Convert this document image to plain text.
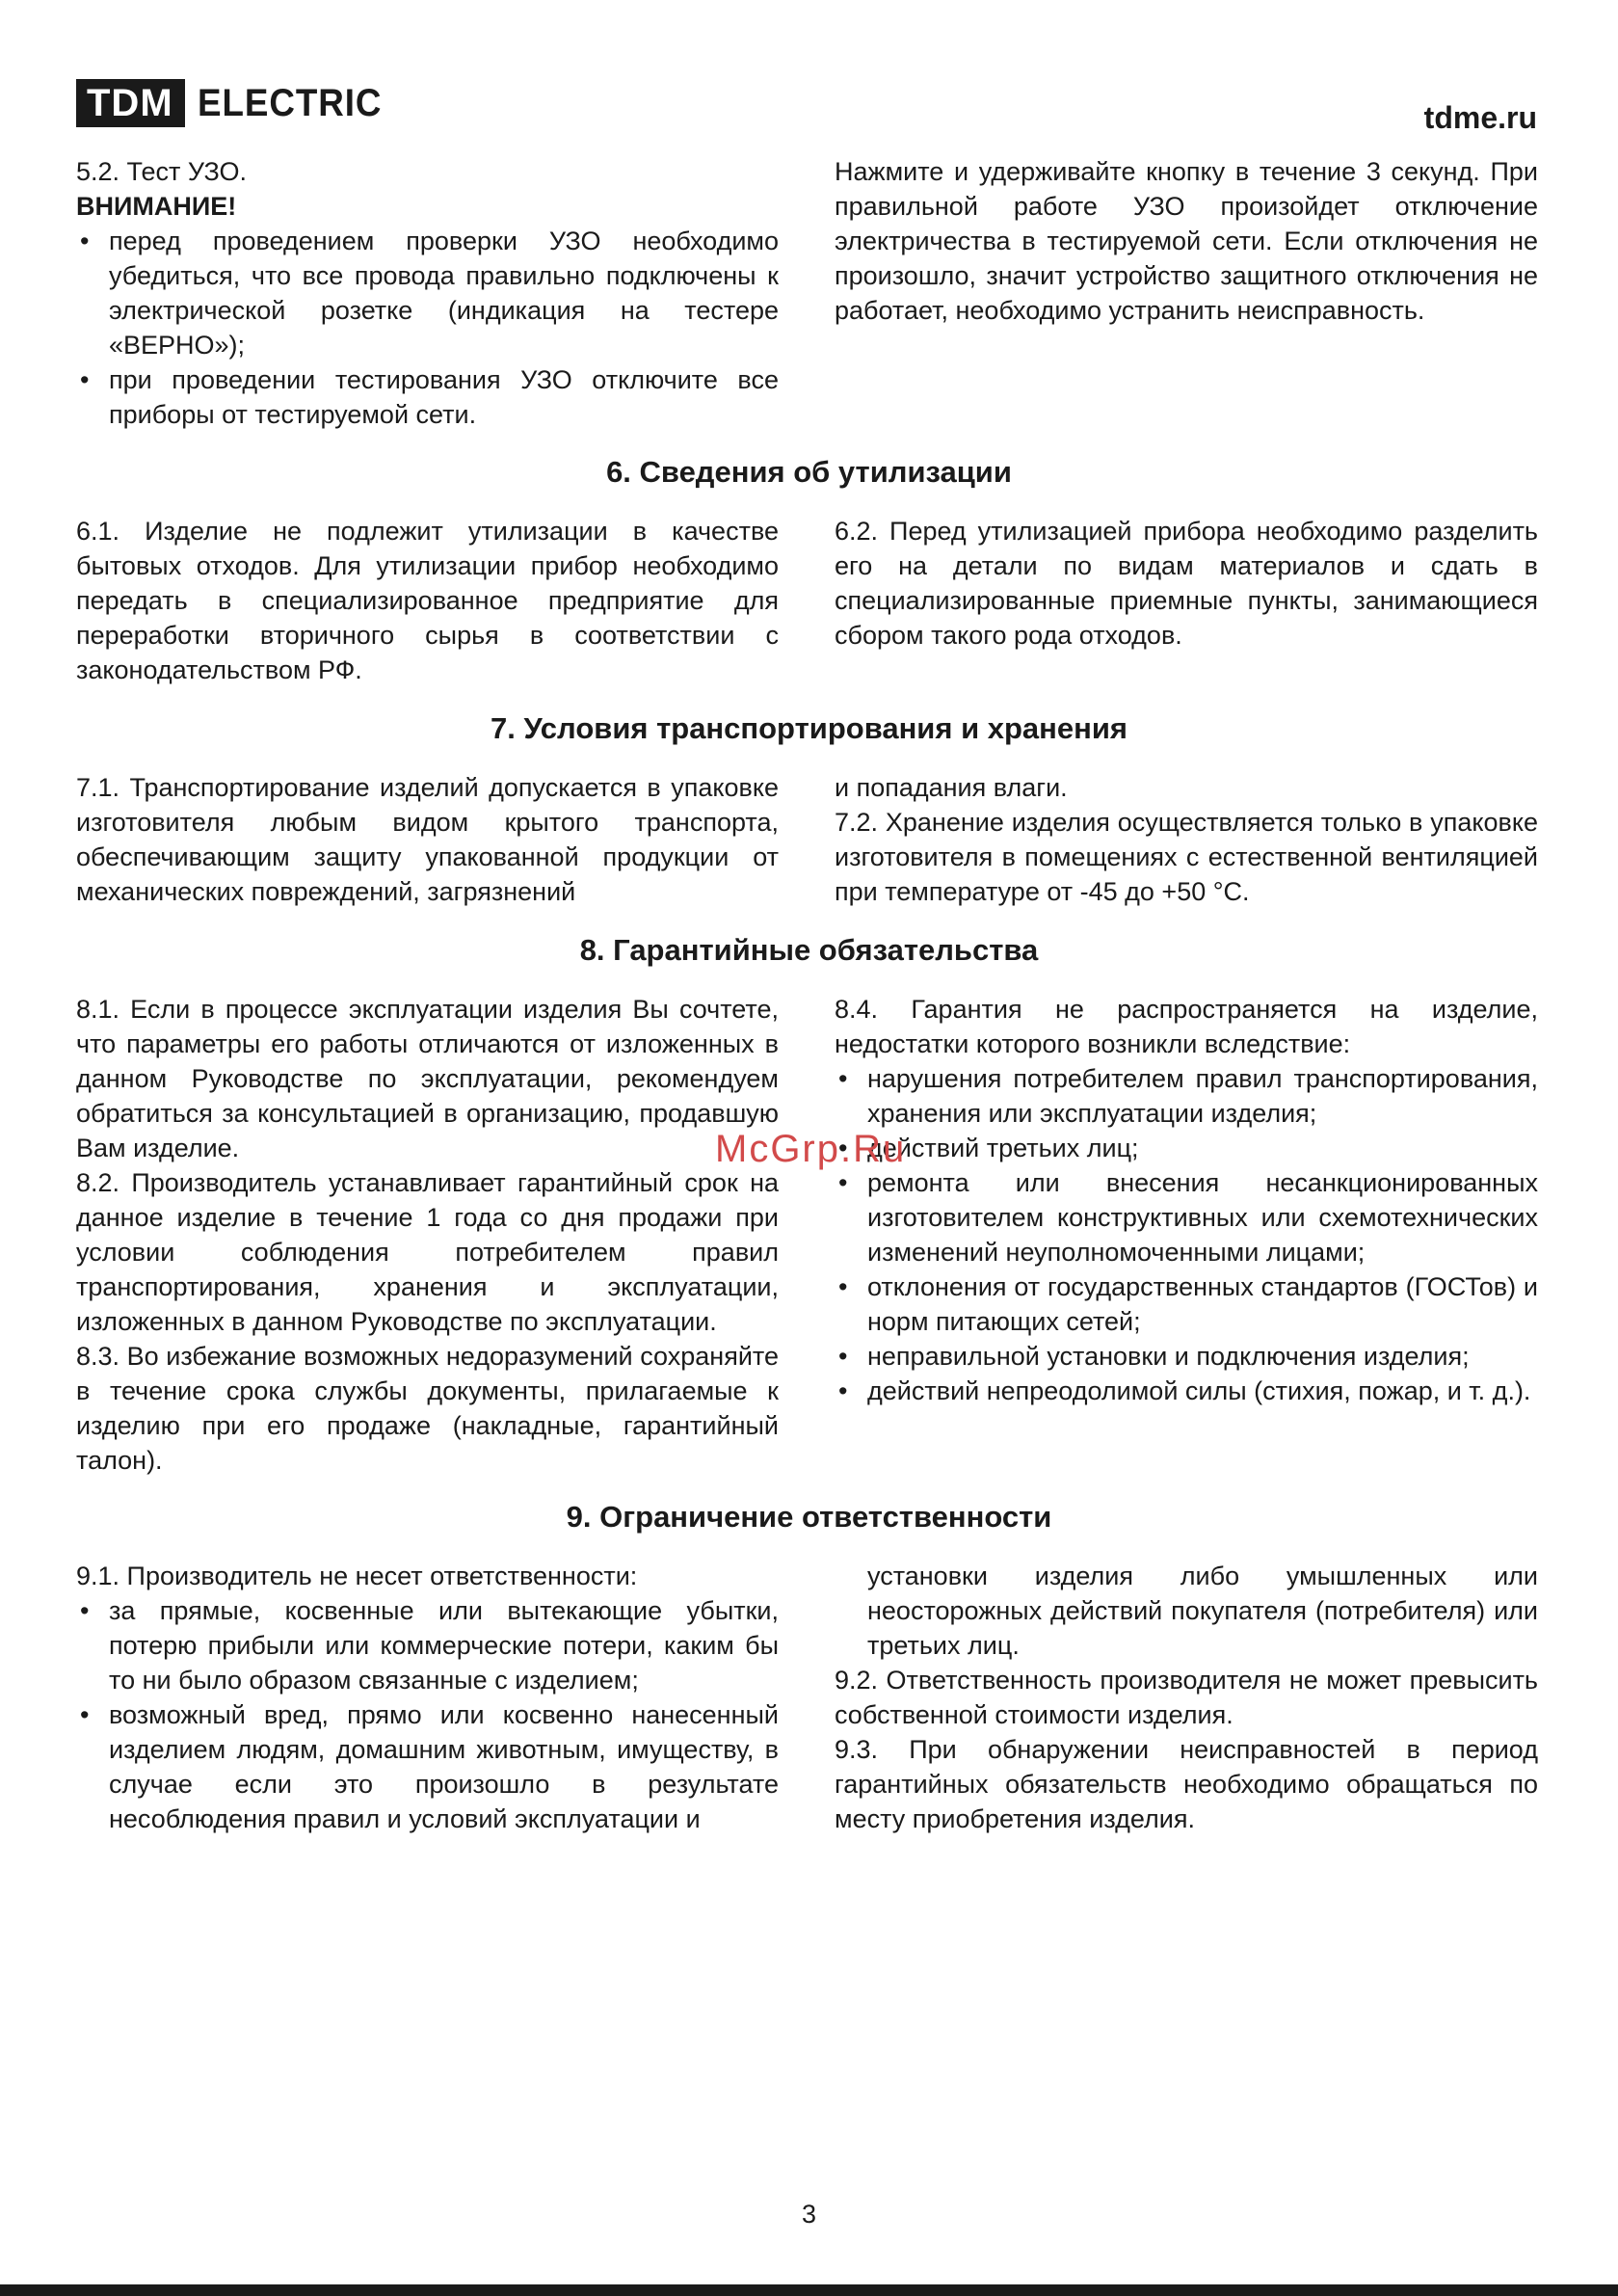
TDM ELECTRIC	tdme.ru

5.2. Тест УЗО.

ВНИМАНИЕ!

• перед проведением проверки УЗО необходимо убедиться, что все провода правильно подключены к электрической розетке (индикация на тестере «ВЕРНО»);

• при проведении тестирования УЗО отключите все приборы от тестируемой сети.

Нажмите и удерживайте кнопку в течение 3 секунд. При правильной работе УЗО произойдет отключение электричества в тестируемой сети. Если отключения не произошло, значит устройство защитного отключения не работает, необходимо устранить неисправность.

6. Сведения об утилизации

6.1. Изделие не подлежит утилизации в качестве бытовых отходов. Для утилизации прибор необходимо передать в специализированное предприятие для переработки вторичного сырья в соответствии с законодательством РФ.

6.2. Перед утилизацией прибора необходимо разделить его на детали по видам материалов и сдать в специализированные приемные пункты, занимающиеся сбором такого рода отходов.

7. Условия транспортирования и хранения

7.1. Транспортирование изделий допускается в упаковке изготовителя любым видом крытого транспорта, обеспечивающим защиту упакованной продукции от механических повреждений, загрязнений

и попадания влаги.

7.2. Хранение изделия осуществляется только в упаковке изготовителя в помещениях с естественной вентиляцией при температуре от -45 до +50 °С.

8. Гарантийные обязательства

8.1. Если в процессе эксплуатации изделия Вы сочтете, что параметры его работы отличаются от изложенных в данном Руководстве по эксплуатации, рекомендуем обратиться за консультацией в организацию, продавшую Вам изделие.

8.2. Производитель устанавливает гарантийный срок на данное изделие в течение 1 года со дня продажи при условии соблюдения потребителем правил транспортирования, хранения и эксплуатации, изложенных в данном Руководстве по эксплуатации.

8.3. Во избежание возможных недоразумений сохраняйте в течение срока службы документы, прилагаемые к изделию при его продаже (накладные, гарантийный талон).

8.4. Гарантия не распространяется на изделие, недостатки которого возникли вследствие:

• нарушения потребителем правил транспортирования, хранения или эксплуатации изделия;

• действий третьих лиц;

• ремонта или внесения несанкционированных изготовителем конструктивных или схемотехнических изменений неуполномоченными лицами;

• отклонения от государственных стандартов (ГОСТов) и норм питающих сетей;

• неправильной установки и подключения изделия;

• действий непреодолимой силы (стихия, пожар, и т. д.).

9. Ограничение ответственности

9.1. Производитель не несет ответственности:

• за прямые, косвенные или вытекающие убытки, потерю прибыли или коммерческие потери, каким бы то ни было образом связанные с изделием;

• возможный вред, прямо или косвенно нанесенный изделием людям, домашним животным, имуществу, в случае если это произошло в результате несоблюдения правил и условий эксплуатации и

установки изделия либо умышленных или неосторожных действий покупателя (потребителя) или третьих лиц.

9.2. Ответственность производителя не может превысить собственной стоимости изделия.

9.3. При обнаружении неисправностей в период гарантийных обязательств необходимо обращаться по месту приобретения изделия.

McGrp.Ru
3
